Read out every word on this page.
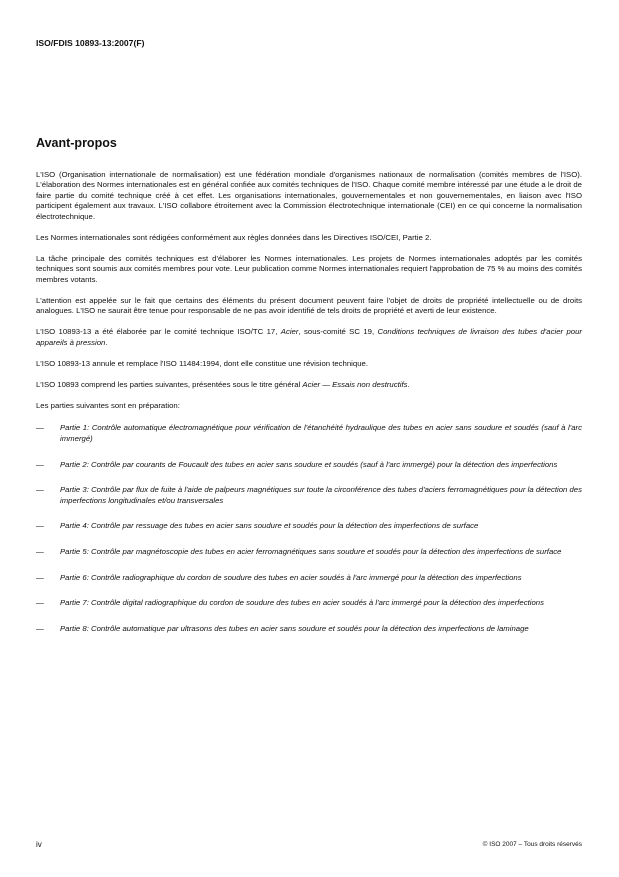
ISO/FDIS 10893-13:2007(F)
Avant-propos

L'ISO (Organisation internationale de normalisation) est une fédération mondiale d'organismes nationaux de normalisation (comités membres de l'ISO). L'élaboration des Normes internationales est en général confiée aux comités techniques de l'ISO. Chaque comité membre intéressé par une étude a le droit de faire partie du comité technique créé à cet effet. Les organisations internationales, gouvernementales et non gouvernementales, en liaison avec l'ISO participent également aux travaux. L'ISO collabore étroitement avec la Commission électrotechnique internationale (CEI) en ce qui concerne la normalisation électrotechnique.

Les Normes internationales sont rédigées conformément aux règles données dans les Directives ISO/CEI, Partie 2.

La tâche principale des comités techniques est d'élaborer les Normes internationales. Les projets de Normes internationales adoptés par les comités techniques sont soumis aux comités membres pour vote. Leur publication comme Normes internationales requiert l'approbation de 75 % au moins des comités membres votants.

L'attention est appelée sur le fait que certains des éléments du présent document peuvent faire l'objet de droits de propriété intellectuelle ou de droits analogues. L'ISO ne saurait être tenue pour responsable de ne pas avoir identifié de tels droits de propriété et averti de leur existence.

L'ISO 10893-13 a été élaborée par le comité technique ISO/TC 17, Acier, sous-comité SC 19, Conditions techniques de livraison des tubes d'acier pour appareils à pression.

L'ISO 10893-13 annule et remplace l'ISO 11484:1994, dont elle constitue une révision technique.

L'ISO 10893 comprend les parties suivantes, présentées sous le titre général Acier — Essais non destructifs.

Les parties suivantes sont en préparation:

—	Partie 1: Contrôle automatique électromagnétique pour vérification de l'étanchéité hydraulique des tubes en acier sans soudure et soudés (sauf à l'arc immergé)
—	Partie 2: Contrôle par courants de Foucault des tubes en acier sans soudure et soudés (sauf à l'arc immergé) pour la détection des imperfections
—	Partie 3: Contrôle par flux de fuite à l'aide de palpeurs magnétiques sur toute la circonférence des tubes d'aciers ferromagnétiques pour la détection des imperfections longitudinales et/ou transversales
—	Partie 4: Contrôle par ressuage des tubes en acier sans soudure et soudés pour la détection des imperfections de surface
—	Partie 5: Contrôle par magnétoscopie des tubes en acier ferromagnétiques sans soudure et soudés pour la détection des imperfections de surface
—	Partie 6: Contrôle radiographique du cordon de soudure des tubes en acier soudés à l'arc immergé pour la détection des imperfections
—	Partie 7: Contrôle digital radiographique du cordon de soudure des tubes en acier soudés à l'arc immergé pour la détection des imperfections
—	Partie 8: Contrôle automatique par ultrasons des tubes en acier sans soudure et soudés pour la détection des imperfections de laminage
iv	© ISO 2007 – Tous droits réservés
